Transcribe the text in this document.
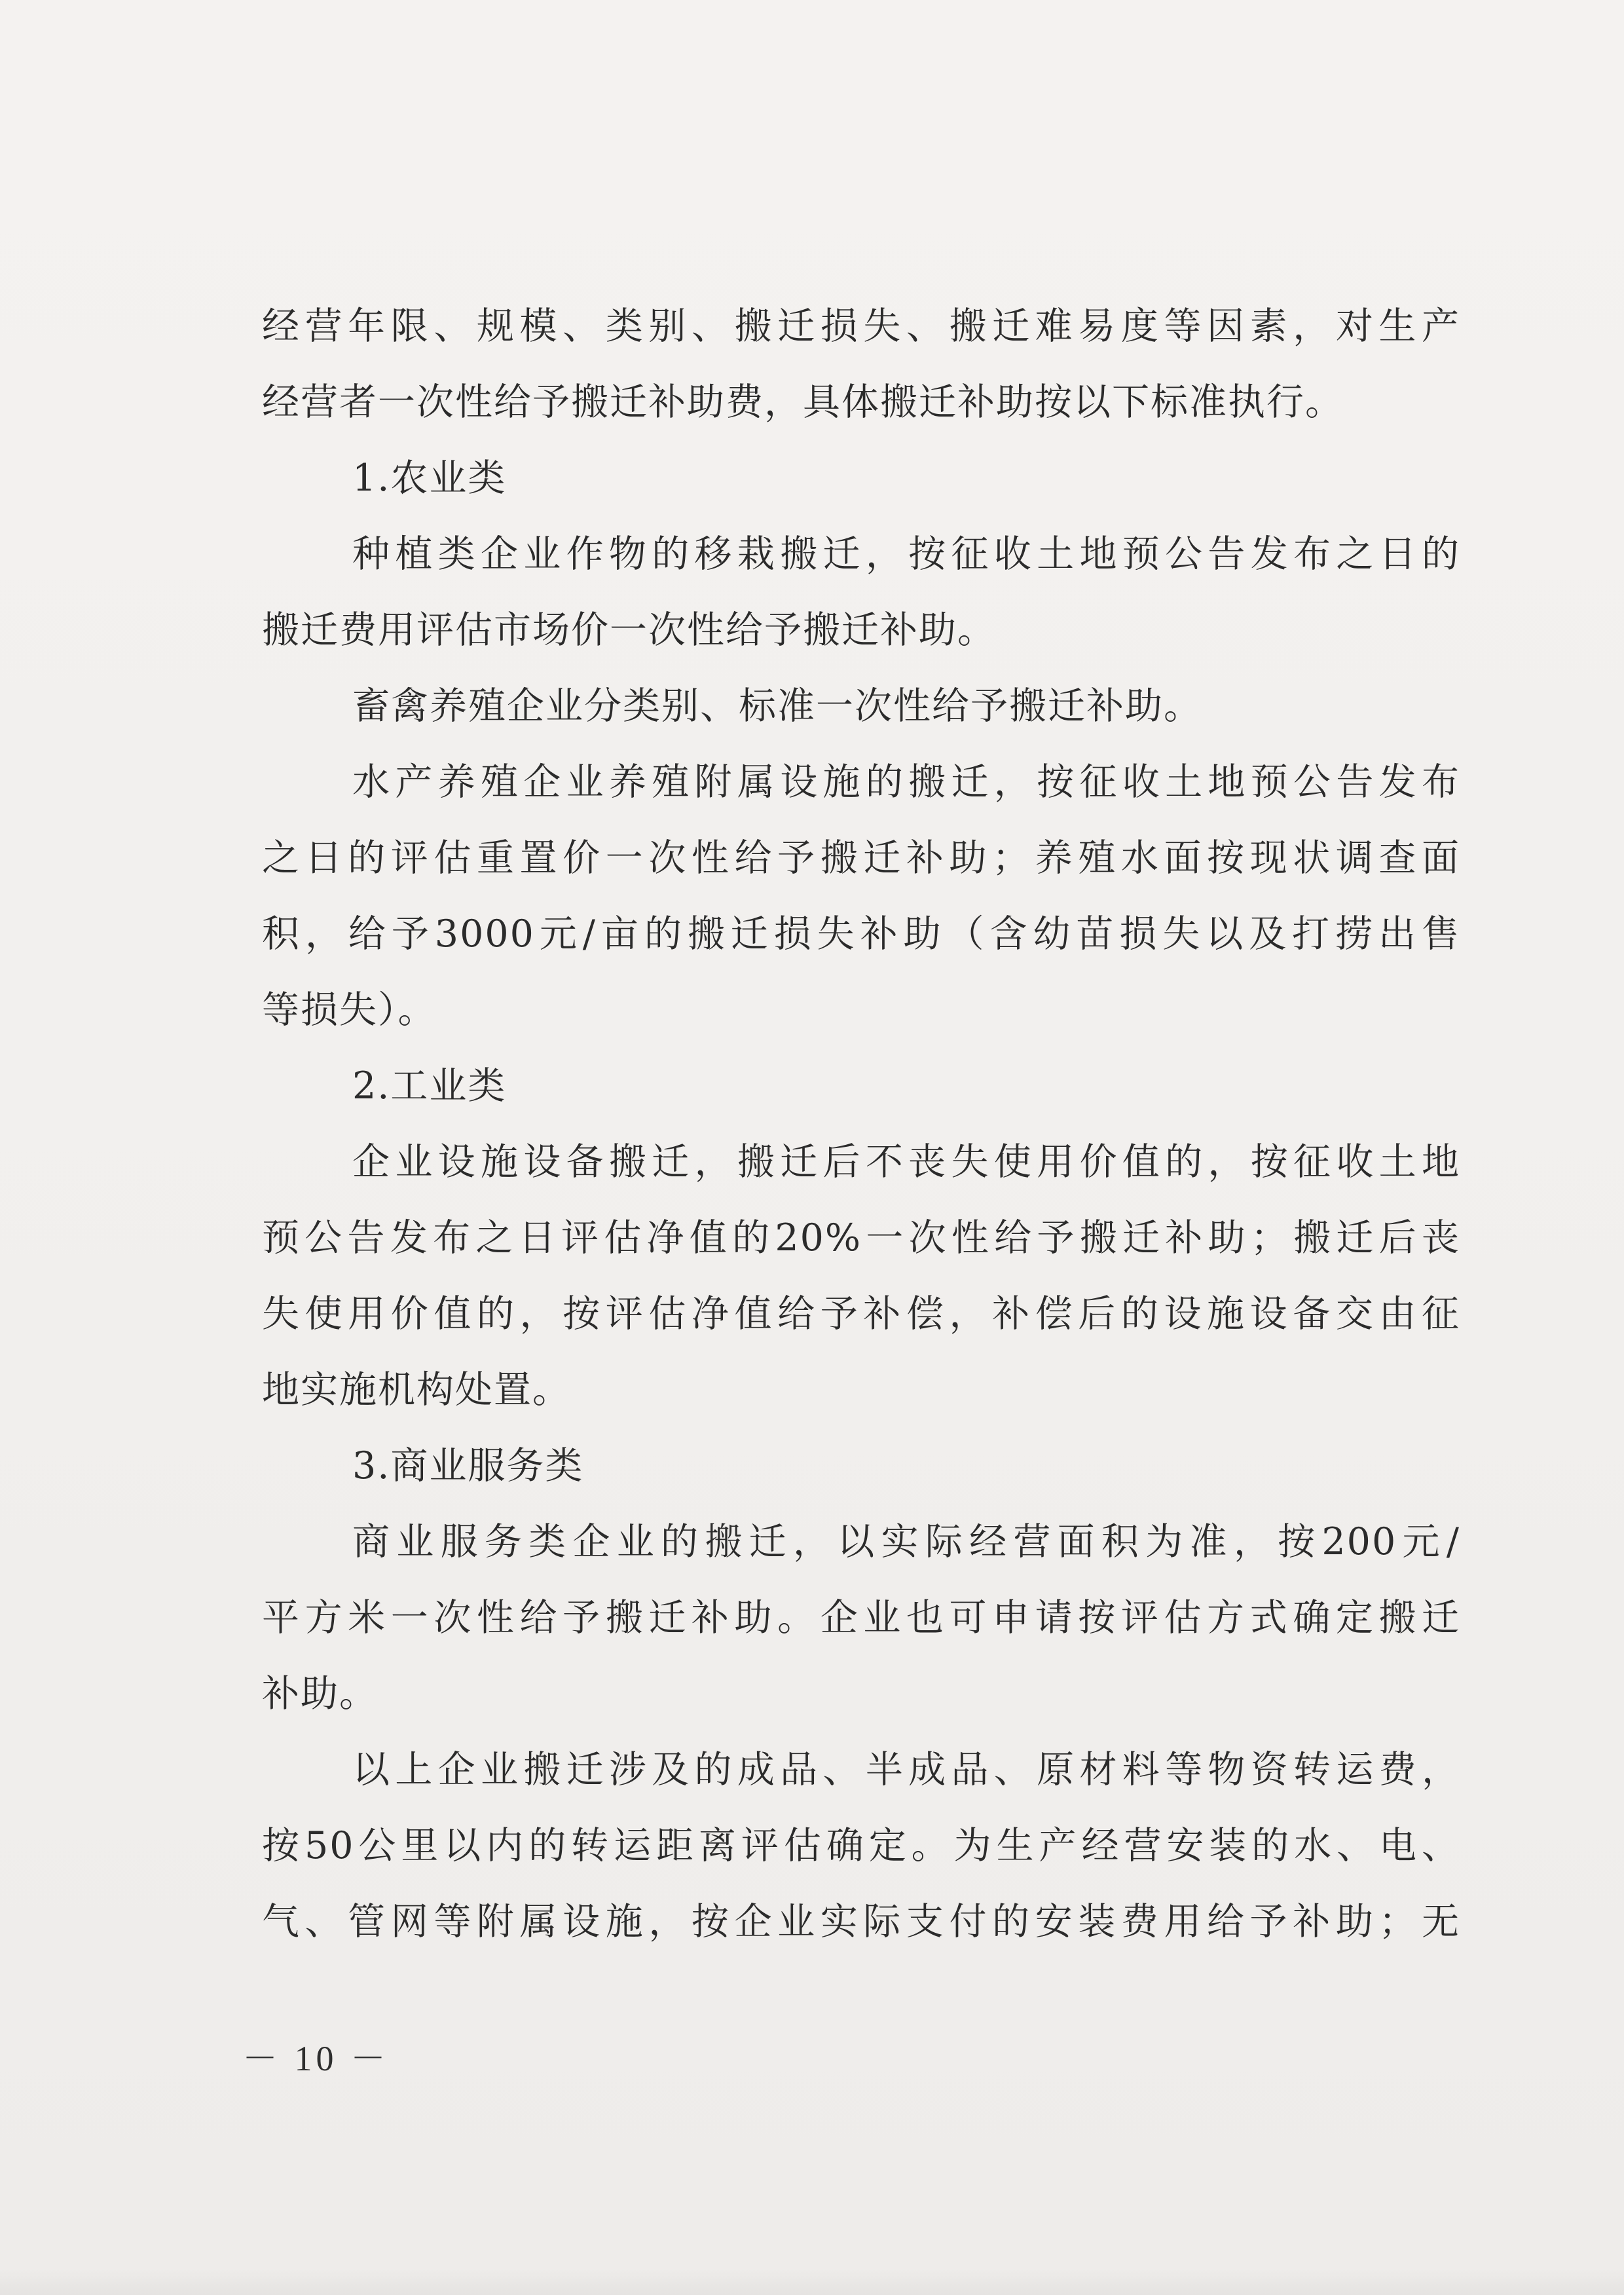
经营年限、规模、类别、搬迁损失、搬迁难易度等因素，对生产
经营者一次性给予搬迁补助费，具体搬迁补助按以下标准执行。
1.农业类
种植类企业作物的移栽搬迁，按征收土地预公告发布之日的
搬迁费用评估市场价一次性给予搬迁补助。
畜禽养殖企业分类别、标准一次性给予搬迁补助。
水产养殖企业养殖附属设施的搬迁，按征收土地预公告发布
之日的评估重置价一次性给予搬迁补助；养殖水面按现状调查面
积，给予3000元/亩的搬迁损失补助（含幼苗损失以及打捞出售
等损失）。
2.工业类
企业设施设备搬迁，搬迁后不丧失使用价值的，按征收土地
预公告发布之日评估净值的20%一次性给予搬迁补助；搬迁后丧
失使用价值的，按评估净值给予补偿，补偿后的设施设备交由征
地实施机构处置。
3.商业服务类
商业服务类企业的搬迁，以实际经营面积为准，按200元/
平方米一次性给予搬迁补助。企业也可申请按评估方式确定搬迁
补助。
以上企业搬迁涉及的成品、半成品、原材料等物资转运费，
按50公里以内的转运距离评估确定。为生产经营安装的水、电、
气、管网等附属设施，按企业实际支付的安装费用给予补助；无
－ 10 －
